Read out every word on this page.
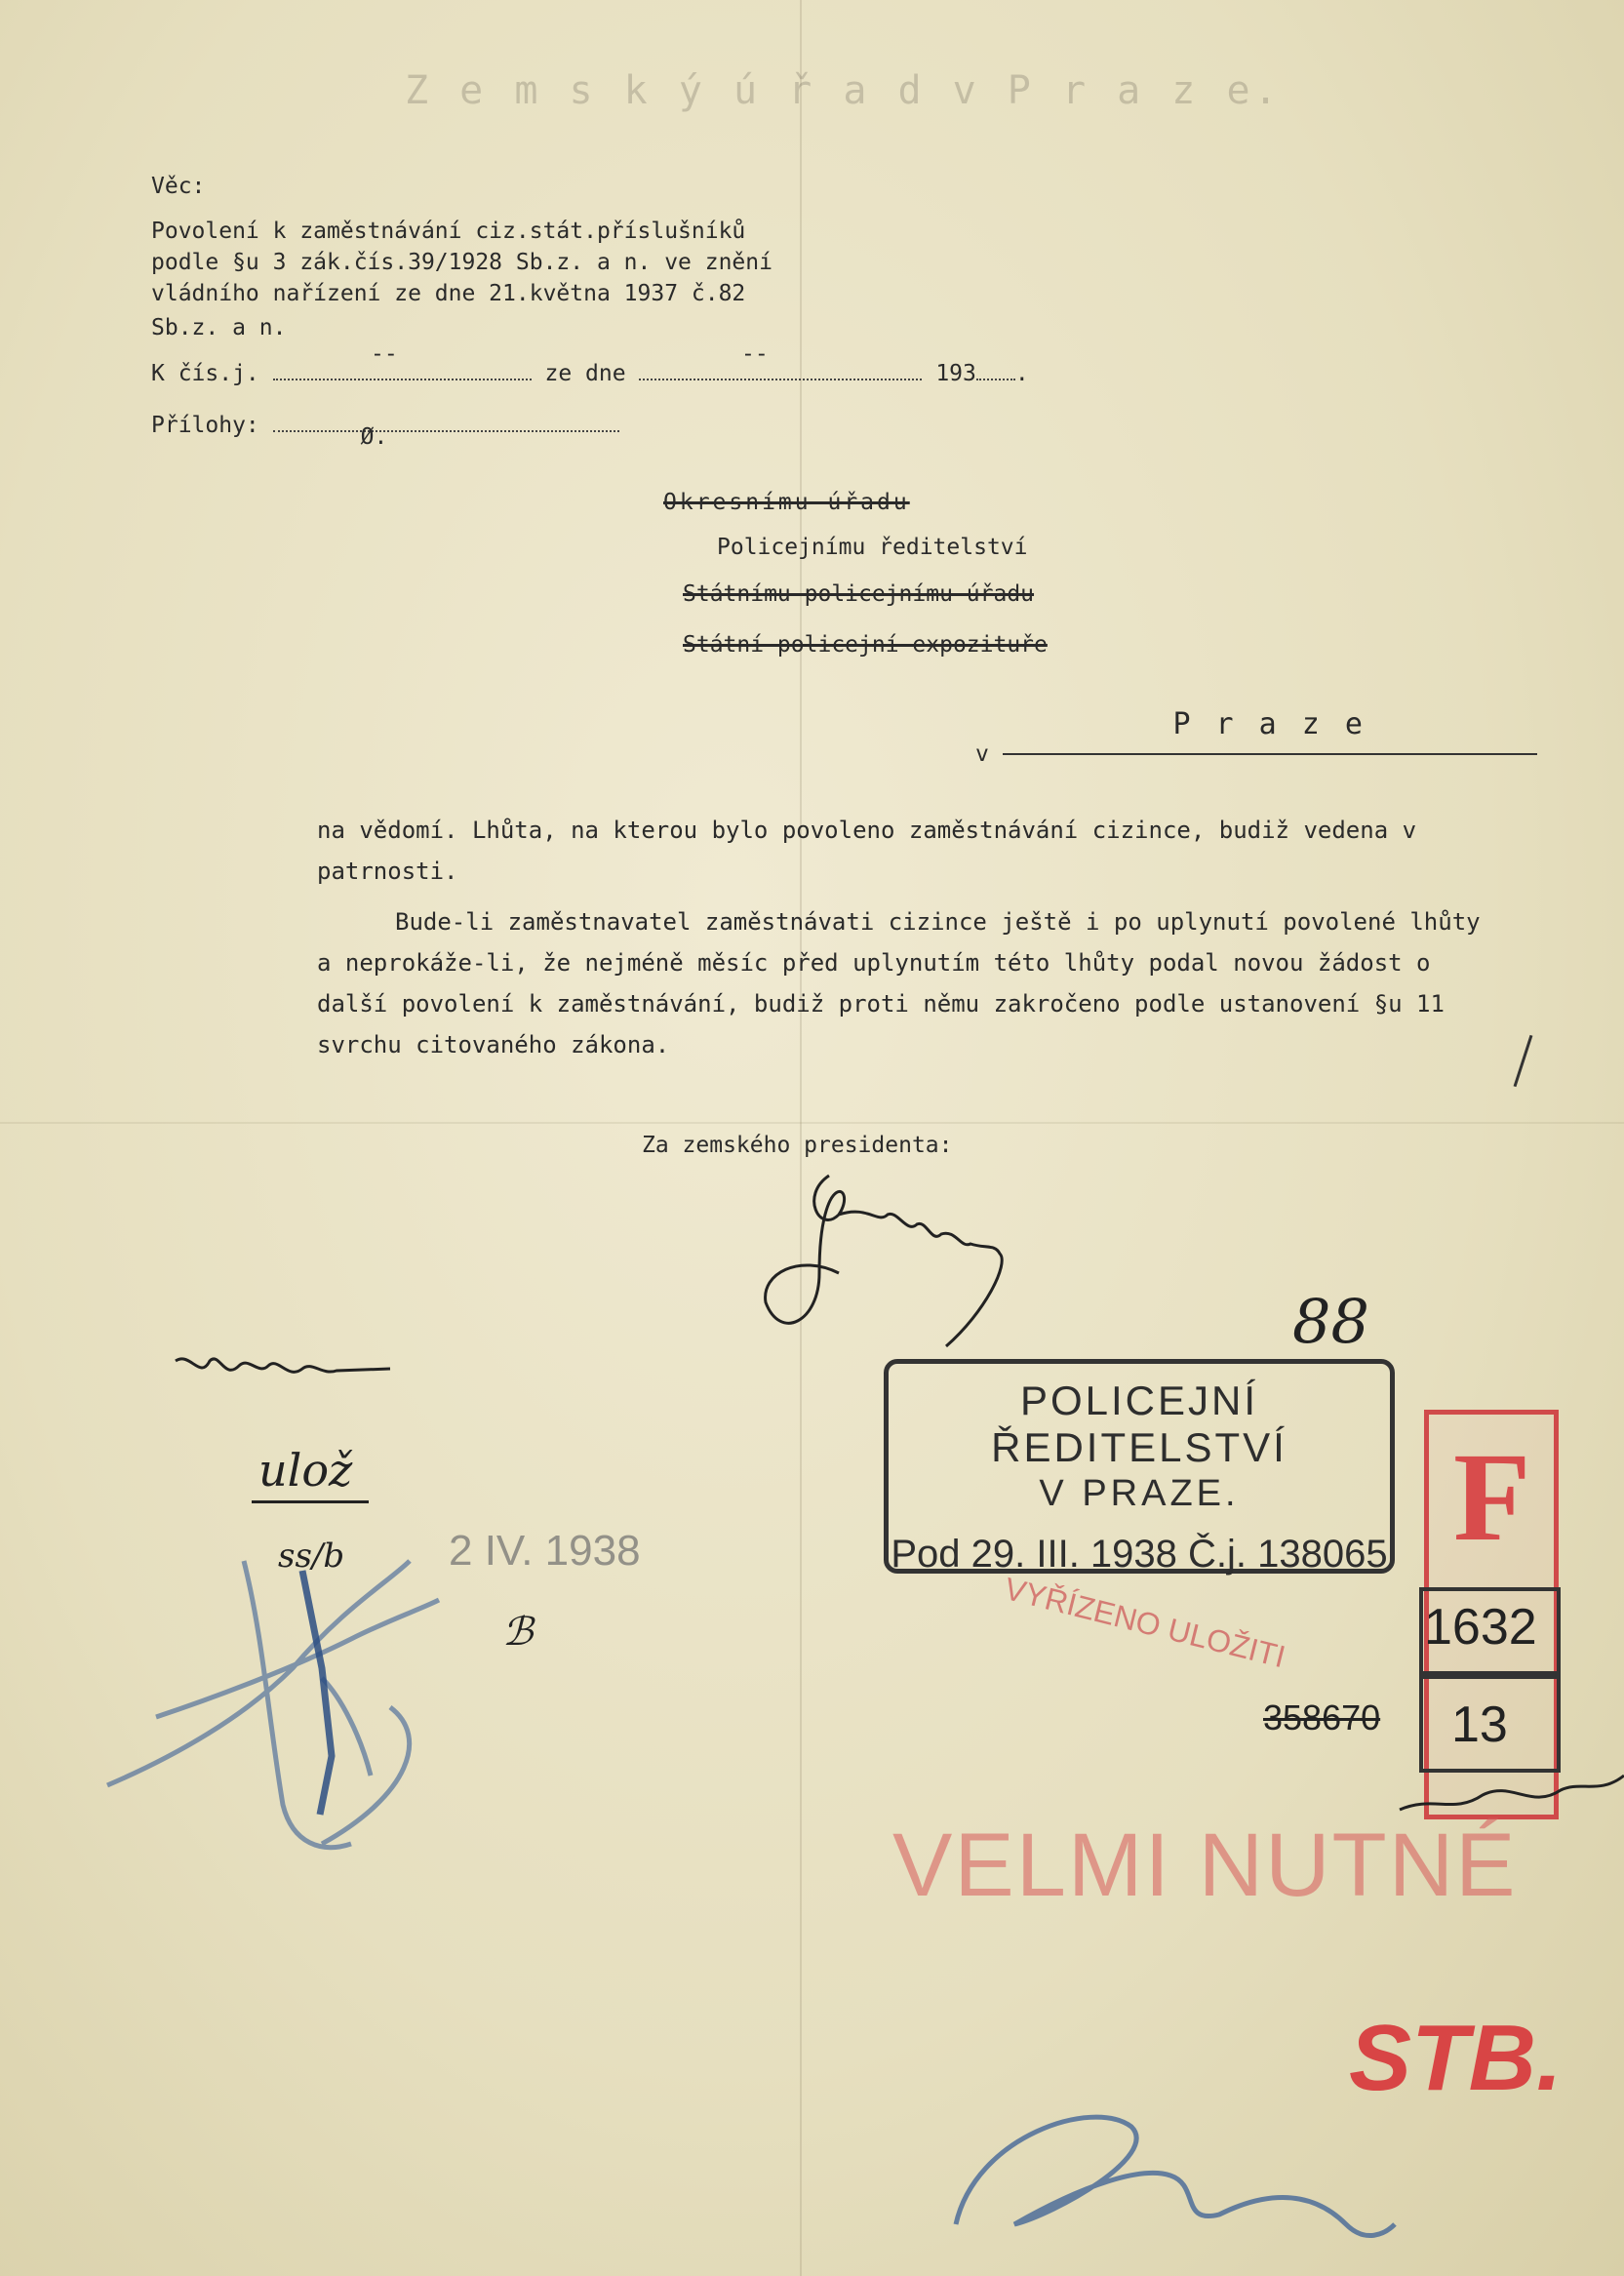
Z e m s k ý ú ř a d v P r a z e.
Věc:
Povolení k zaměstnávání ciz.stát.příslušníků
podle §u 3 zák.čís.39/1928 Sb.z. a n. ve znění
vládního nařízení ze dne 21.května 1937 č.82
Sb.z. a n.
--	--
K čís.j.	ze dne	193 .
Přílohy:	Ø.
Okresnímu úřadu
Policejnímu ředitelství
Státnímu policejnímu úřadu
Státní policejní expozituře
v P r a z e
na vědomí. Lhůta, na kterou bylo povoleno zaměstnávání cizince, budiž vedena v patrnosti.
Bude-li zaměstnavatel zaměstnávati cizince ještě i po uplynutí povolené lhůty a neprokáže-li, že nejméně měsíc před uplynutím této lhůty podal novou žádost o další povolení k zaměstnávání, budiž proti němu zakročeno podle ustanovení §u 11 svrchu citovaného zákona.
Za zemského presidenta:
ulož
ss/b
ℬ
2 IV. 1938
88
POLICEJNÍ ŘEDITELSTVÍ
V PRAZE.
Pod 29. III. 1938 Č.j. 138065 F
1632
13
358670
VYŘÍZENO ULOŽITI
VELMI NUTNÉ
STB.
